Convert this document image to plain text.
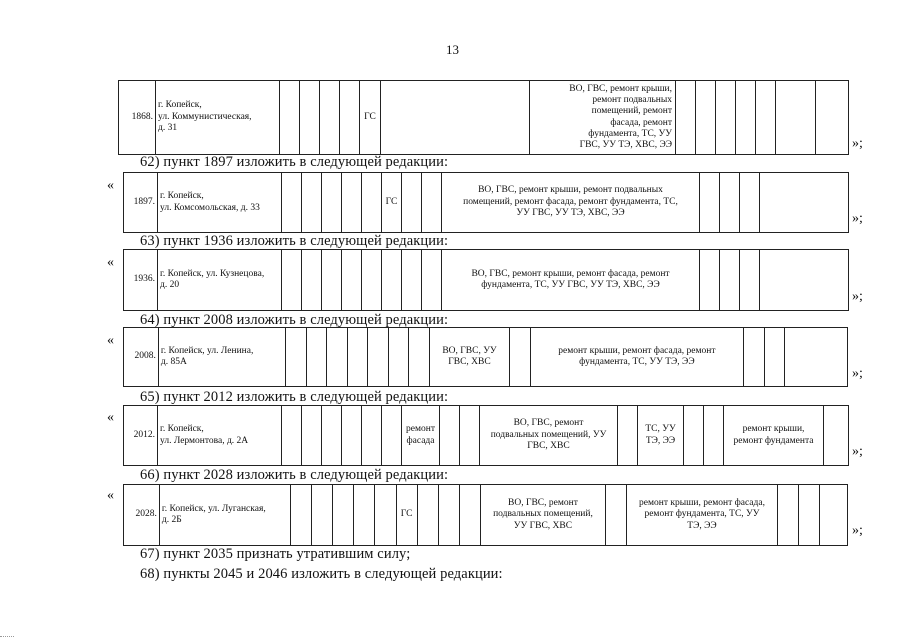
13
1868.	г. Копейск,
ул. Коммунистическая,
д. 31					ГС		ВО, ГВС, ремонт крыши,
ремонт подвальных
помещений, ремонт
фасада, ремонт
фундамента, ТС, УУ
ГВС, УУ ТЭ, ХВС, ЭЭ								»;
62) пункт 1897 изложить в следующей редакции:
«
1897.	г. Копейск,
ул. Комсомольская, д. 33						ГС			ВО, ГВС, ремонт крыши, ремонт подвальных
помещений, ремонт фасада, ремонт фундамента, ТС,
УУ ГВС, УУ ТЭ, ХВС, ЭЭ					»;
63) пункт 1936 изложить в следующей редакции:
«
1936.	г. Копейск, ул. Кузнецова,
д. 20									ВО, ГВС, ремонт крыши, ремонт фасада, ремонт
фундамента, ТС, УУ ГВС, УУ ТЭ, ХВС, ЭЭ				
»;
64) пункт 2008 изложить в следующей редакции:
«
2008.	г. Копейск, ул. Ленина,
д. 85А								ВО, ГВС, УУ
ГВС, ХВС		ремонт крыши, ремонт фасада, ремонт
фундамента, ТС, УУ ТЭ, ЭЭ			
»;
65) пункт 2012 изложить в следующей редакции:
«
2012.	г. Копейск,
ул. Лермонтова, д. 2А							ремонт
фасада			ВО, ГВС, ремонт
подвальных помещений, УУ
ГВС, ХВС		ТС, УУ
ТЭ, ЭЭ			ремонт крыши,
ремонт фундамента	
»;
66) пункт 2028 изложить в следующей редакции:
«
2028.	г. Копейск, ул. Луганская,
д. 2Б						ГС				ВО, ГВС, ремонт
подвальных помещений,
УУ ГВС, ХВС		ремонт крыши, ремонт фасада,
ремонт фундамента, ТС, УУ
ТЭ, ЭЭ				»;
67) пункт 2035 признать утратившим силу;
68) пункты 2045 и 2046 изложить в следующей редакции:
